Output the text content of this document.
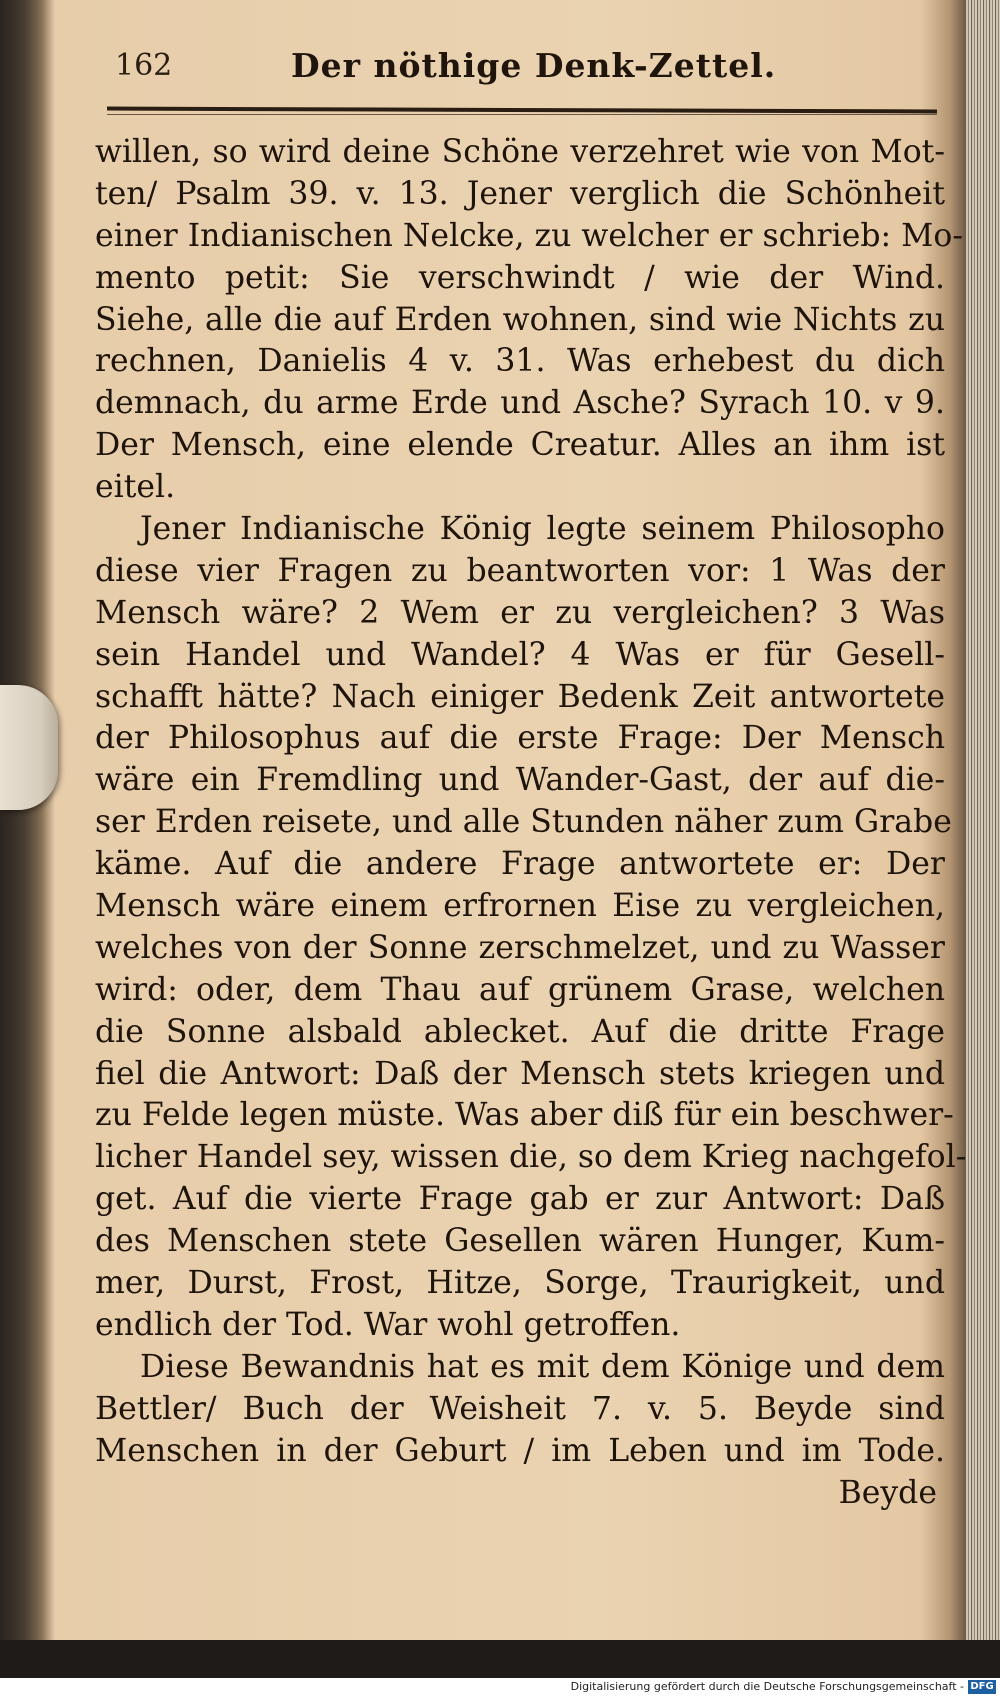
162	Der nöthige Denk-Zettel.
willen, so wird deine Schöne verzehret wie von Mot-
ten/ Psalm 39. v. 13. Jener verglich die Schönheit
einer Indianischen Nelcke, zu welcher er schrieb: Mo-
mento petit: Sie verschwindt / wie der Wind.
Siehe, alle die auf Erden wohnen, sind wie Nichts zu
rechnen, Danielis 4 v. 31. Was erhebest du dich
demnach, du arme Erde und Asche? Syrach 10. v 9.
Der Mensch, eine elende Creatur. Alles an ihm ist
eitel.
Jener Indianische König legte seinem Philosopho
diese vier Fragen zu beantworten vor: 1 Was der
Mensch wäre? 2 Wem er zu vergleichen? 3 Was
sein Handel und Wandel? 4 Was er für Gesell-
schafft hätte? Nach einiger Bedenk Zeit antwortete
der Philosophus auf die erste Frage: Der Mensch
wäre ein Fremdling und Wander-Gast, der auf die-
ser Erden reisete, und alle Stunden näher zum Grabe
käme. Auf die andere Frage antwortete er: Der
Mensch wäre einem erfrornen Eise zu vergleichen,
welches von der Sonne zerschmelzet, und zu Wasser
wird: oder, dem Thau auf grünem Grase, welchen
die Sonne alsbald ablecket. Auf die dritte Frage
fiel die Antwort: Daß der Mensch stets kriegen und
zu Felde legen müste. Was aber diß für ein beschwer-
licher Handel sey, wissen die, so dem Krieg nachgefol-
get. Auf die vierte Frage gab er zur Antwort: Daß
des Menschen stete Gesellen wären Hunger, Kum-
mer, Durst, Frost, Hitze, Sorge, Traurigkeit, und
endlich der Tod. War wohl getroffen.
Diese Bewandnis hat es mit dem Könige und dem
Bettler/ Buch der Weisheit 7. v. 5. Beyde sind
Menschen in der Geburt / im Leben und im Tode.
Beyde
Digitalisierung gefördert durch die Deutsche Forschungsgemeinschaft - DFG
